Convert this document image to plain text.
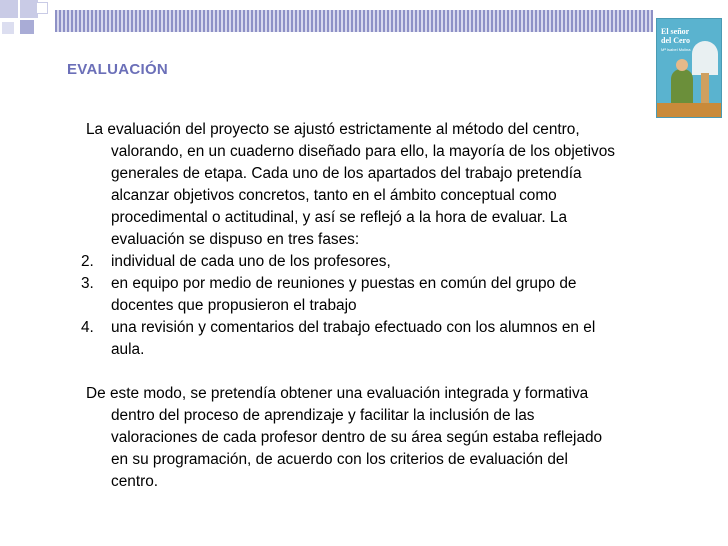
El señor
del Cero
Mª Isabel Molina
EVALUACIÓN

La evaluación del proyecto se ajustó estrictamente al método del centro, valorando, en un cuaderno diseñado para ello, la mayoría de los objetivos generales de etapa. Cada uno de los apartados del trabajo pretendía alcanzar objetivos concretos, tanto en el ámbito conceptual como procedimental o actitudinal, y así se reflejó a la hora de evaluar. La evaluación se dispuso en tres fases:

2. individual de cada uno de los profesores,
3. en equipo por medio de reuniones y puestas en común del grupo de docentes que propusieron el trabajo
4. una revisión y comentarios del trabajo efectuado con los alumnos en el aula.

De este modo, se pretendía obtener una evaluación integrada y formativa dentro del proceso de aprendizaje y facilitar la inclusión de las valoraciones de cada profesor dentro de su área según estaba reflejado en su programación, de acuerdo con los criterios de evaluación del centro.
